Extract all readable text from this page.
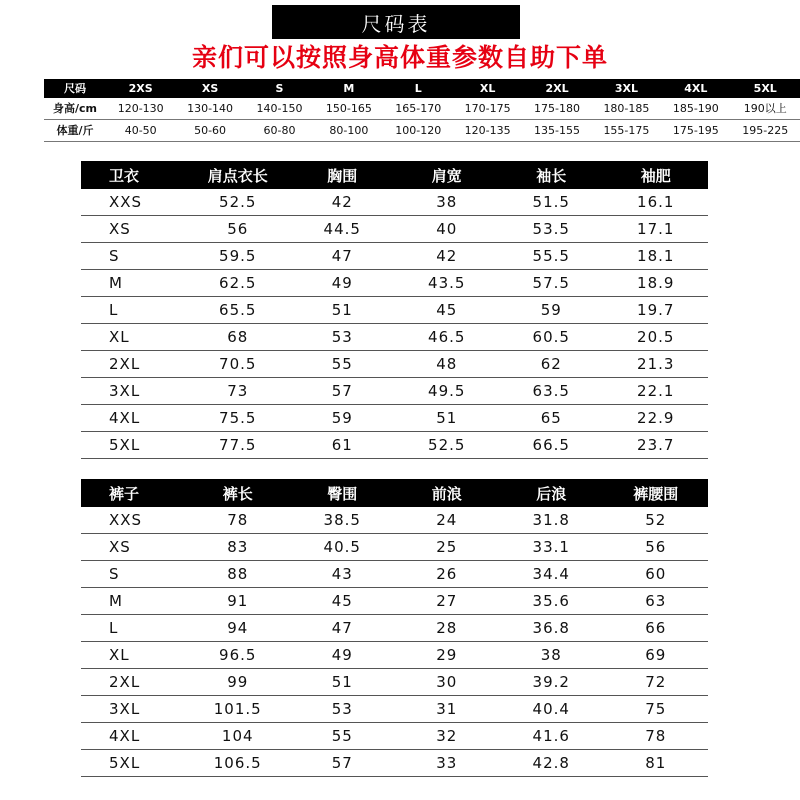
尺码表
亲们可以按照身高体重参数自助下单
尺码	2XS	XS	S	M	L	XL	2XL	3XL	4XL	5XL
身高/cm	120-130	130-140	140-150	150-165	165-170	170-175	175-180	180-185	185-190	190以上
体重/斤	40-50	50-60	60-80	80-100	100-120	120-135	135-155	155-175	175-195	195-225
卫衣	肩点衣长	胸围	肩宽	袖长	袖肥
XXS	52.5	42	38	51.5	16.1
XS	56	44.5	40	53.5	17.1
S	59.5	47	42	55.5	18.1
M	62.5	49	43.5	57.5	18.9
L	65.5	51	45	59	19.7
XL	68	53	46.5	60.5	20.5
2XL	70.5	55	48	62	21.3
3XL	73	57	49.5	63.5	22.1
4XL	75.5	59	51	65	22.9
5XL	77.5	61	52.5	66.5	23.7
裤子	裤长	臀围	前浪	后浪	裤腰围
XXS	78	38.5	24	31.8	52
XS	83	40.5	25	33.1	56
S	88	43	26	34.4	60
M	91	45	27	35.6	63
L	94	47	28	36.8	66
XL	96.5	49	29	38	69
2XL	99	51	30	39.2	72
3XL	101.5	53	31	40.4	75
4XL	104	55	32	41.6	78
5XL	106.5	57	33	42.8	81
